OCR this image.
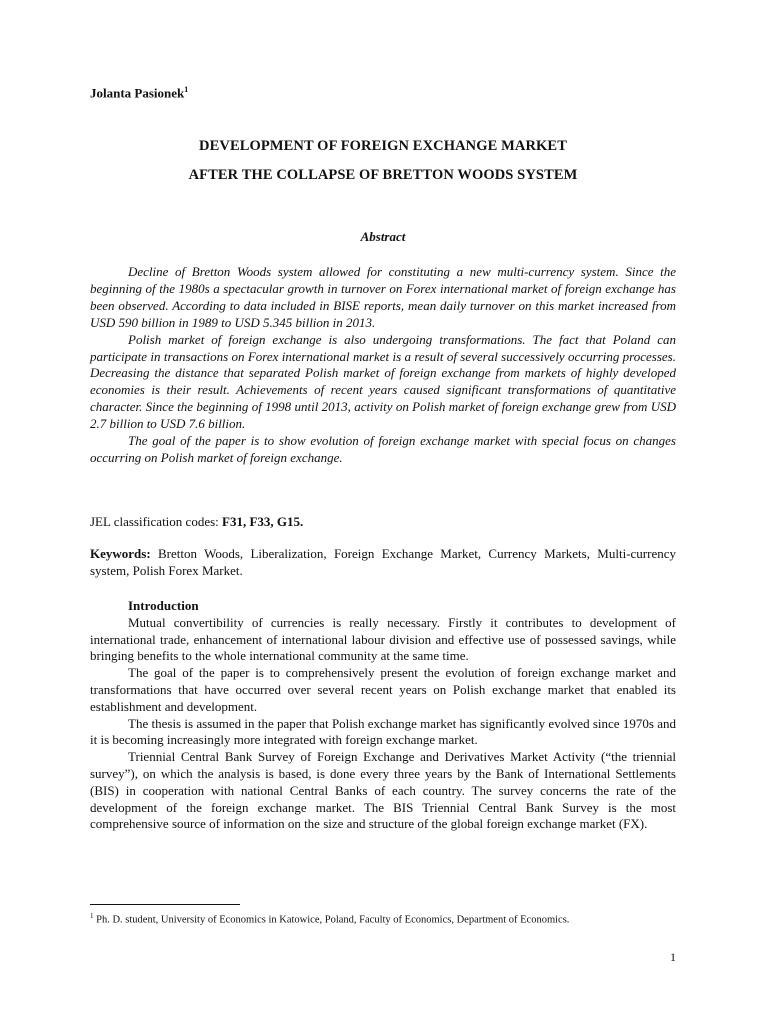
Jolanta Pasionek$^1$
DEVELOPMENT OF FOREIGN EXCHANGE MARKET
AFTER THE COLLAPSE OF BRETTON WOODS SYSTEM
Abstract

Decline of Bretton Woods system allowed for constituting a new multi-currency system. Since the beginning of the 1980s a spectacular growth in turnover on Forex international market of foreign exchange has been observed. According to data included in BISE reports, mean daily turnover on this market increased from USD 590 billion in 1989 to USD 5.345 billion in 2013.

Polish market of foreign exchange is also undergoing transformations. The fact that Poland can participate in transactions on Forex international market is a result of several successively occurring processes. Decreasing the distance that separated Polish market of foreign exchange from markets of highly developed economies is their result. Achievements of recent years caused significant transformations of quantitative character. Since the beginning of 1998 until 2013, activity on Polish market of foreign exchange grew from USD 2.7 billion to USD 7.6 billion.

The goal of the paper is to show evolution of foreign exchange market with special focus on changes occurring on Polish market of foreign exchange.

JEL classification codes: F31, F33, G15.
Keywords: Bretton Woods, Liberalization, Foreign Exchange Market, Currency Markets, Multi-currency system, Polish Forex Market.
Introduction

Mutual convertibility of currencies is really necessary. Firstly it contributes to development of international trade, enhancement of international labour division and effective use of possessed savings, while bringing benefits to the whole international community at the same time.

The goal of the paper is to comprehensively present the evolution of foreign exchange market and transformations that have occurred over several recent years on Polish exchange market that enabled its establishment and development.

The thesis is assumed in the paper that Polish exchange market has significantly evolved since 1970s and it is becoming increasingly more integrated with foreign exchange market.

Triennial Central Bank Survey of Foreign Exchange and Derivatives Market Activity (“the triennial survey”), on which the analysis is based, is done every three years by the Bank of International Settlements (BIS) in cooperation with national Central Banks of each country. The survey concerns the rate of the development of the foreign exchange market. The BIS Triennial Central Bank Survey is the most comprehensive source of information on the size and structure of the global foreign exchange market (FX).

$^1$ Ph. D. student, University of Economics in Katowice, Poland, Faculty of Economics, Department of Economics.
1
